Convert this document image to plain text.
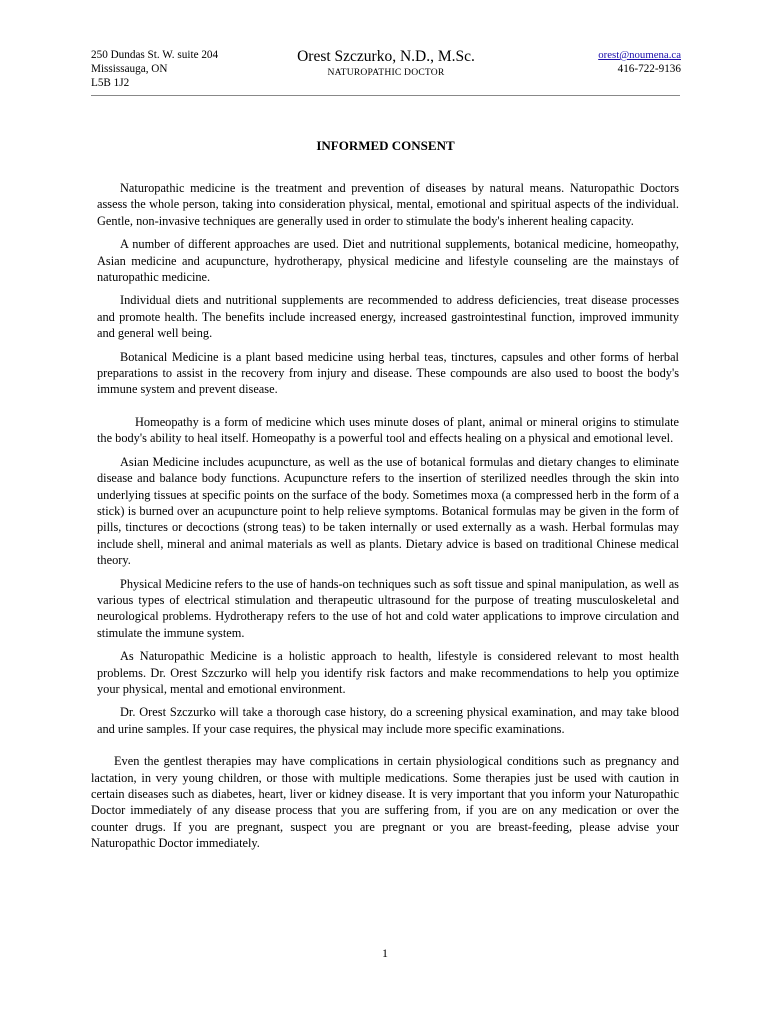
250 Dundas St. W. suite 204
Mississauga, ON
L5B 1J2
Orest Szczurko, N.D., M.Sc.
NATUROPATHIC DOCTOR
orest@noumena.ca
416-722-9136
INFORMED CONSENT

Naturopathic medicine is the treatment and prevention of diseases by natural means. Naturopathic Doctors assess the whole person, taking into consideration physical, mental, emotional and spiritual aspects of the individual. Gentle, non-invasive techniques are generally used in order to stimulate the body's inherent healing capacity.

A number of different approaches are used. Diet and nutritional supplements, botanical medicine, homeopathy, Asian medicine and acupuncture, hydrotherapy, physical medicine and lifestyle counseling are the mainstays of naturopathic medicine.

Individual diets and nutritional supplements are recommended to address deficiencies, treat disease processes and promote health. The benefits include increased energy, increased gastrointestinal function, improved immunity and general well being.

Botanical Medicine is a plant based medicine using herbal teas, tinctures, capsules and other forms of herbal preparations to assist in the recovery from injury and disease. These compounds are also used to boost the body's immune system and prevent disease.

Homeopathy is a form of medicine which uses minute doses of plant, animal or mineral origins to stimulate the body's ability to heal itself. Homeopathy is a powerful tool and effects healing on a physical and emotional level.

Asian Medicine includes acupuncture, as well as the use of botanical formulas and dietary changes to eliminate disease and balance body functions. Acupuncture refers to the insertion of sterilized needles through the skin into underlying tissues at specific points on the surface of the body. Sometimes moxa (a compressed herb in the form of a stick) is burned over an acupuncture point to help relieve symptoms. Botanical formulas may be given in the form of pills, tinctures or decoctions (strong teas) to be taken internally or used externally as a wash. Herbal formulas may include shell, mineral and animal materials as well as plants. Dietary advice is based on traditional Chinese medical theory.

Physical Medicine refers to the use of hands-on techniques such as soft tissue and spinal manipulation, as well as various types of electrical stimulation and therapeutic ultrasound for the purpose of treating musculoskeletal and neurological problems. Hydrotherapy refers to the use of hot and cold water applications to improve circulation and stimulate the immune system.

As Naturopathic Medicine is a holistic approach to health, lifestyle is considered relevant to most health problems. Dr. Orest Szczurko will help you identify risk factors and make recommendations to help you optimize your physical, mental and emotional environment.

Dr. Orest Szczurko will take a thorough case history, do a screening physical examination, and may take blood and urine samples. If your case requires, the physical may include more specific examinations.

Even the gentlest therapies may have complications in certain physiological conditions such as pregnancy and lactation, in very young children, or those with multiple medications. Some therapies just be used with caution in certain diseases such as diabetes, heart, liver or kidney disease. It is very important that you inform your Naturopathic Doctor immediately of any disease process that you are suffering from, if you are on any medication or over the counter drugs. If you are pregnant, suspect you are pregnant or you are breast-feeding, please advise your Naturopathic Doctor immediately.

1
